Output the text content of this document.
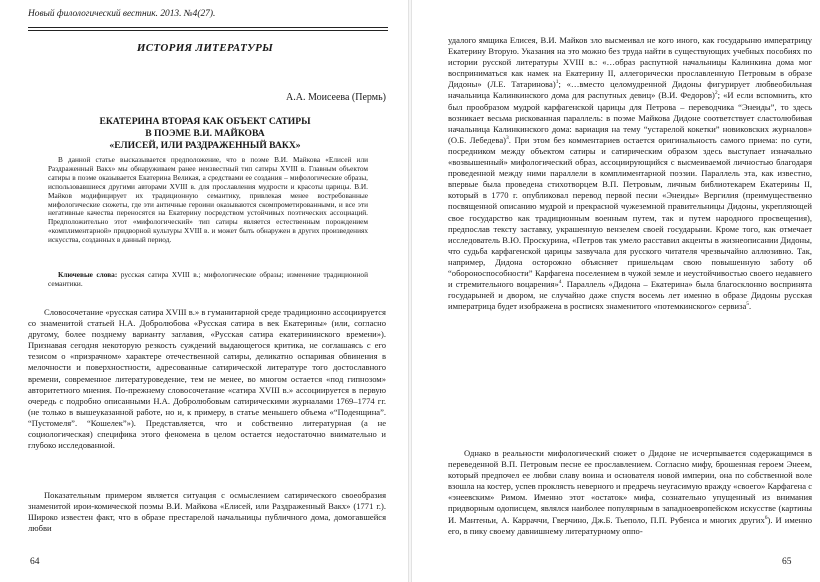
Новый филологический вестник. 2013. №4(27).
ИСТОРИЯ ЛИТЕРАТУРЫ
А.А. Моисеева (Пермь)
ЕКАТЕРИНА ВТОРАЯ КАК ОБЪЕКТ САТИРЫ
В ПОЭМЕ В.И. МАЙКОВА
«ЕЛИСЕЙ, ИЛИ РАЗДРАЖЕННЫЙ ВАКХ»

В данной статье высказывается предположение, что в поэме В.И. Майкова «Елисей или Раздраженный Вакх» мы обнаруживаем ранее неизвестный тип сатиры XVIII в. Главным объектом сатиры в поэме оказывается Екатерина Великая, а средствами ее создания – мифологические образы, использовавшиеся другими авторами XVIII в. для прославления мудрости и красоты царицы. В.И. Майков модифицирует их традиционную семантику, привлекая менее востребованные мифологические сюжеты, где эти античные героини оказываются скомпрометированными, и все эти негативные качества переносятся на Екатерину посредством устойчивых поэтических ассоциаций. Предположительно этот «мифологический» тип сатиры является естественным порождением «комплиментарной» придворной культуры XVIII в. и может быть обнаружен в других произведениях искусства, созданных в данный период.

Ключевые слова: русская сатира XVIII в.; мифологические образы; изменение традиционной семантики.

Словосочетание «русская сатира XVIII в.» в гуманитарной среде традиционно ассоциируется со знаменитой статьей Н.А. Добролюбова «Русская сатира в век Екатерины» (или, согласно другому, более позднему варианту заглавия, «Русская сатира екатерининского времени»). Признавая сегодня некоторую резкость суждений выдающегося критика, не соглашаясь с его тезисом о «призрачном» характере отечественной сатиры, деликатно оспаривая обвинения в мелочности и поверхностности, адресованные сатирической литературе того достославного времени, современное литературоведение, тем не менее, во многом остается «под гипнозом» авторитетного мнения. По-прежнему словосочетание «сатира XVIII в.» ассоциируется в первую очередь с подробно описанными Н.А. Добролюбовым сатирическими журналами 1769–1774 гг. (не только в вышеуказанной работе, но и, к примеру, в статье меньшего объема «“Поденщина”. “Пустомеля”. “Кошелек”»). Представляется, что и собственно литературная (а не социологическая) специфика этого феномена в целом остается недостаточно внимательно и глубоко исследованной.

Показательным примером является ситуация с осмыслением сатирического своеобразия знаменитой ирои-комической поэмы В.И. Майкова «Елисей, или Раздраженный Вакх» (1771 г.). Широко известен факт, что в образе престарелой начальницы публичного дома, домогавшейся любви

64

удалого ямщика Елисея, В.И. Майков зло высмеивал не кого иного, как государыню императрицу Екатерину Вторую. Указания на это можно без труда найти в существующих учебных пособиях по истории русской литературы XVIII в.: «…образ распутной начальницы Калинкина дома мог восприниматься как намек на Екатерину II, аллегорически прославленную Петровым в образе Дидоны» (Л.Е. Татаринова)$^1$; «…вместо целомудренной Дидоны фигурирует любвеобильная начальница Калинкинского дома для распутных девиц» (В.И. Федоров)$^2$; «И если вспомнить, кто был прообразом мудрой карфагенской царицы для Петрова – переводчика “Энеиды”, то здесь возникает весьма рискованная параллель: в поэме Майкова Дидоне соответствует сластолюбивая начальница Калинкинского дома: вариация на тему “устарелой кокетки” новиковских журналов» (О.Б. Лебедева)$^3$. При этом без комментариев остается оригинальность самого приема: по сути, посредником между объектом сатиры и сатирическим образом здесь выступает изначально «возвышенный» мифологический образ, ассоциирующийся с высмеиваемой личностью благодаря проведенной между ними параллели в комплиментарной поэзии. Параллель эта, как известно, впервые была проведена стихотворцем В.П. Петровым, личным библиотекарем Екатерины II, который в 1770 г. опубликовал перевод первой песни «Энеиды» Вергилия (преимущественно посвященной описанию мудрой и прекрасной чужеземной правительницы Дидоны, укрепляющей свое государство как традиционным военным путем, так и путем народного просвещения), предпослав тексту заставку, украшенную вензелем своей государыни. Кроме того, как отмечает исследователь В.Ю. Проскурина, «Петров так умело расставил акценты в жизнеописании Дидоны, что судьба карфагенской царицы зазвучала для русского читателя чрезвычайно аллюзивно. Так, например, Дидона осторожно объясняет пришельцам свою повышенную заботу об “обороноспособности” Карфагена поселением в чужой земле и неустойчивостью своего недавнего и стремительного воцарения»$^4$. Параллель «Дидона – Екатерина» была благосклонно воспринята государыней и двором, не случайно даже спустя восемь лет именно в образе Дидоны русская императрица будет изображена в росписях знаменитого «потемкинского» сервиза$^5$.

Однако в реальности мифологический сюжет о Дидоне не исчерпывается содержащимся в переведенной В.П. Петровым песне ее прославлением. Согласно мифу, брошенная героем Энеем, который предпочел ее любви славу воина и основателя новой империи, она по собственной воле взошла на костер, успев проклясть неверного и предречь неугасимую вражду «своего» Карфагена с «энеевским» Римом. Именно этот «остаток» мифа, сознательно упущенный из внимания придворным одописцем, являлся наиболее популярным в западноевропейском искусстве (картины И. Мантеньи, А. Карраччи, Гверчино, Дж.Б. Тьеполо, П.П. Рубенса и многих других$^6$). И именно его, в пику своему давнишнему литературному оппо-

65
